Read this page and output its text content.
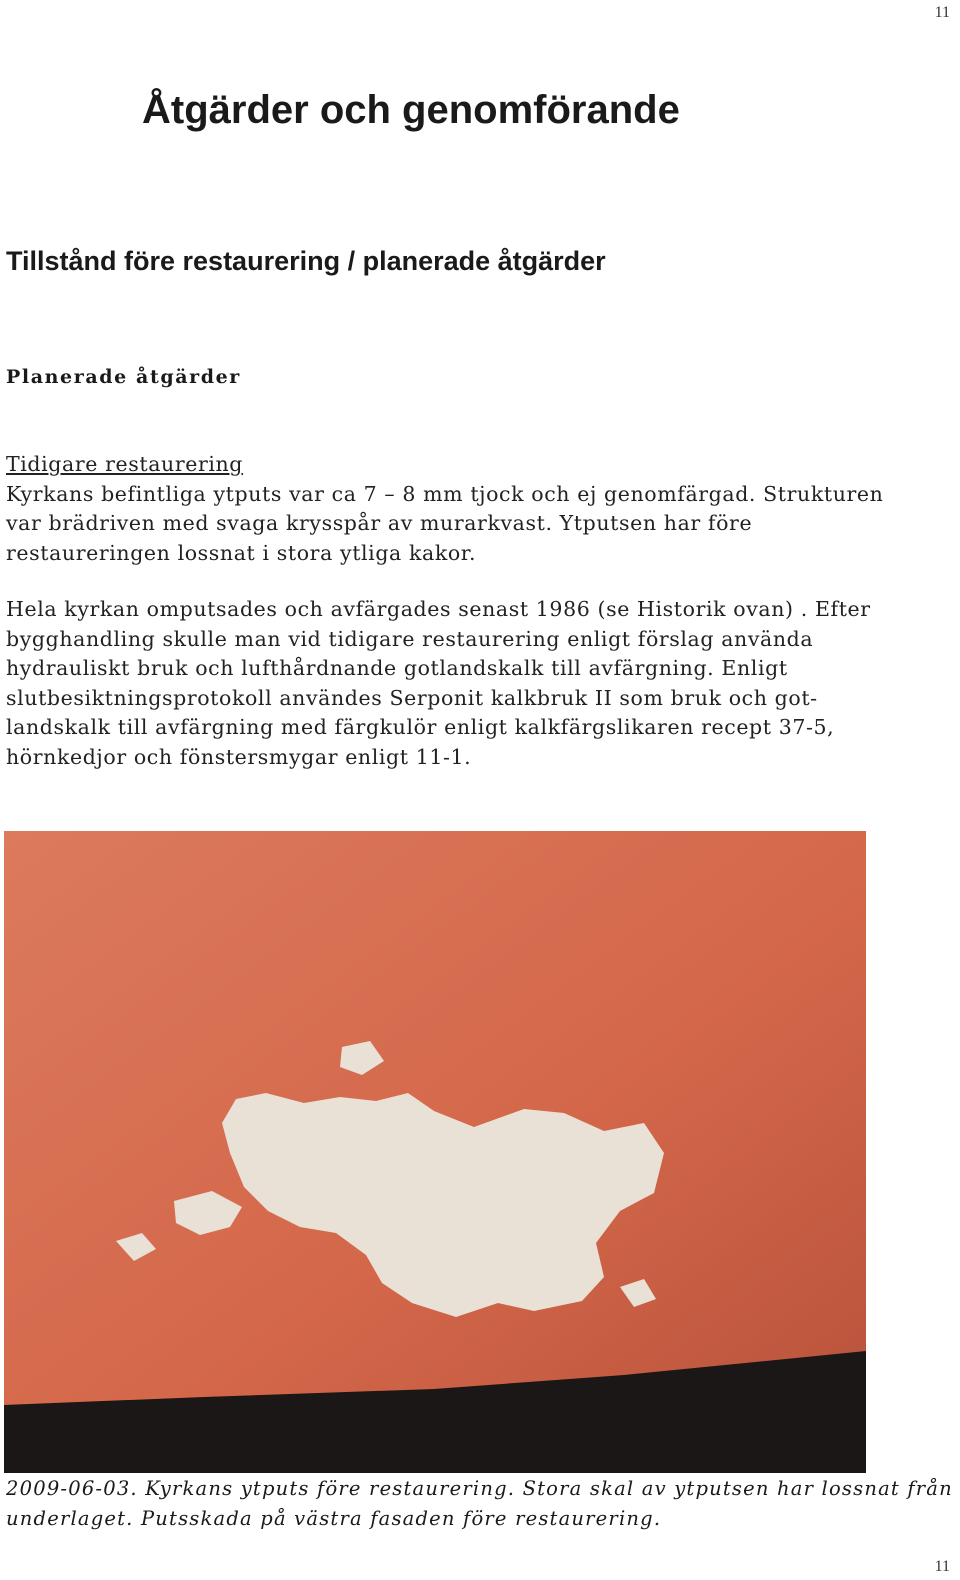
11
Åtgärder och genomförande
Tillstånd före restaurering / planerade åtgärder
Planerade åtgärder
Tidigare restaurering
Kyrkans befintliga ytputs var ca 7 – 8 mm tjock och ej genomfärgad. Strukturen
var brädriven med svaga krysspår av murarkvast. Ytputsen har före
restaureringen lossnat i stora ytliga kakor.
Hela kyrkan omputsades och avfärgades senast 1986 (se Historik ovan) . Efter
bygghandling skulle man vid tidigare restaurering enligt förslag använda
hydrauliskt bruk och lufthårdnande gotlandskalk till avfärgning. Enligt
slutbesiktningsprotokoll användes Serponit kalkbruk II som bruk och got-
landskalk till avfärgning med färgkulör enligt kalkfärgslikaren recept 37-5,
hörnkedjor och fönstersmygar enligt 11-1.
2009-06-03. Kyrkans ytputs före restaurering. Stora skal av ytputsen har lossnat från
underlaget. Putsskada på västra fasaden före restaurering.
11
